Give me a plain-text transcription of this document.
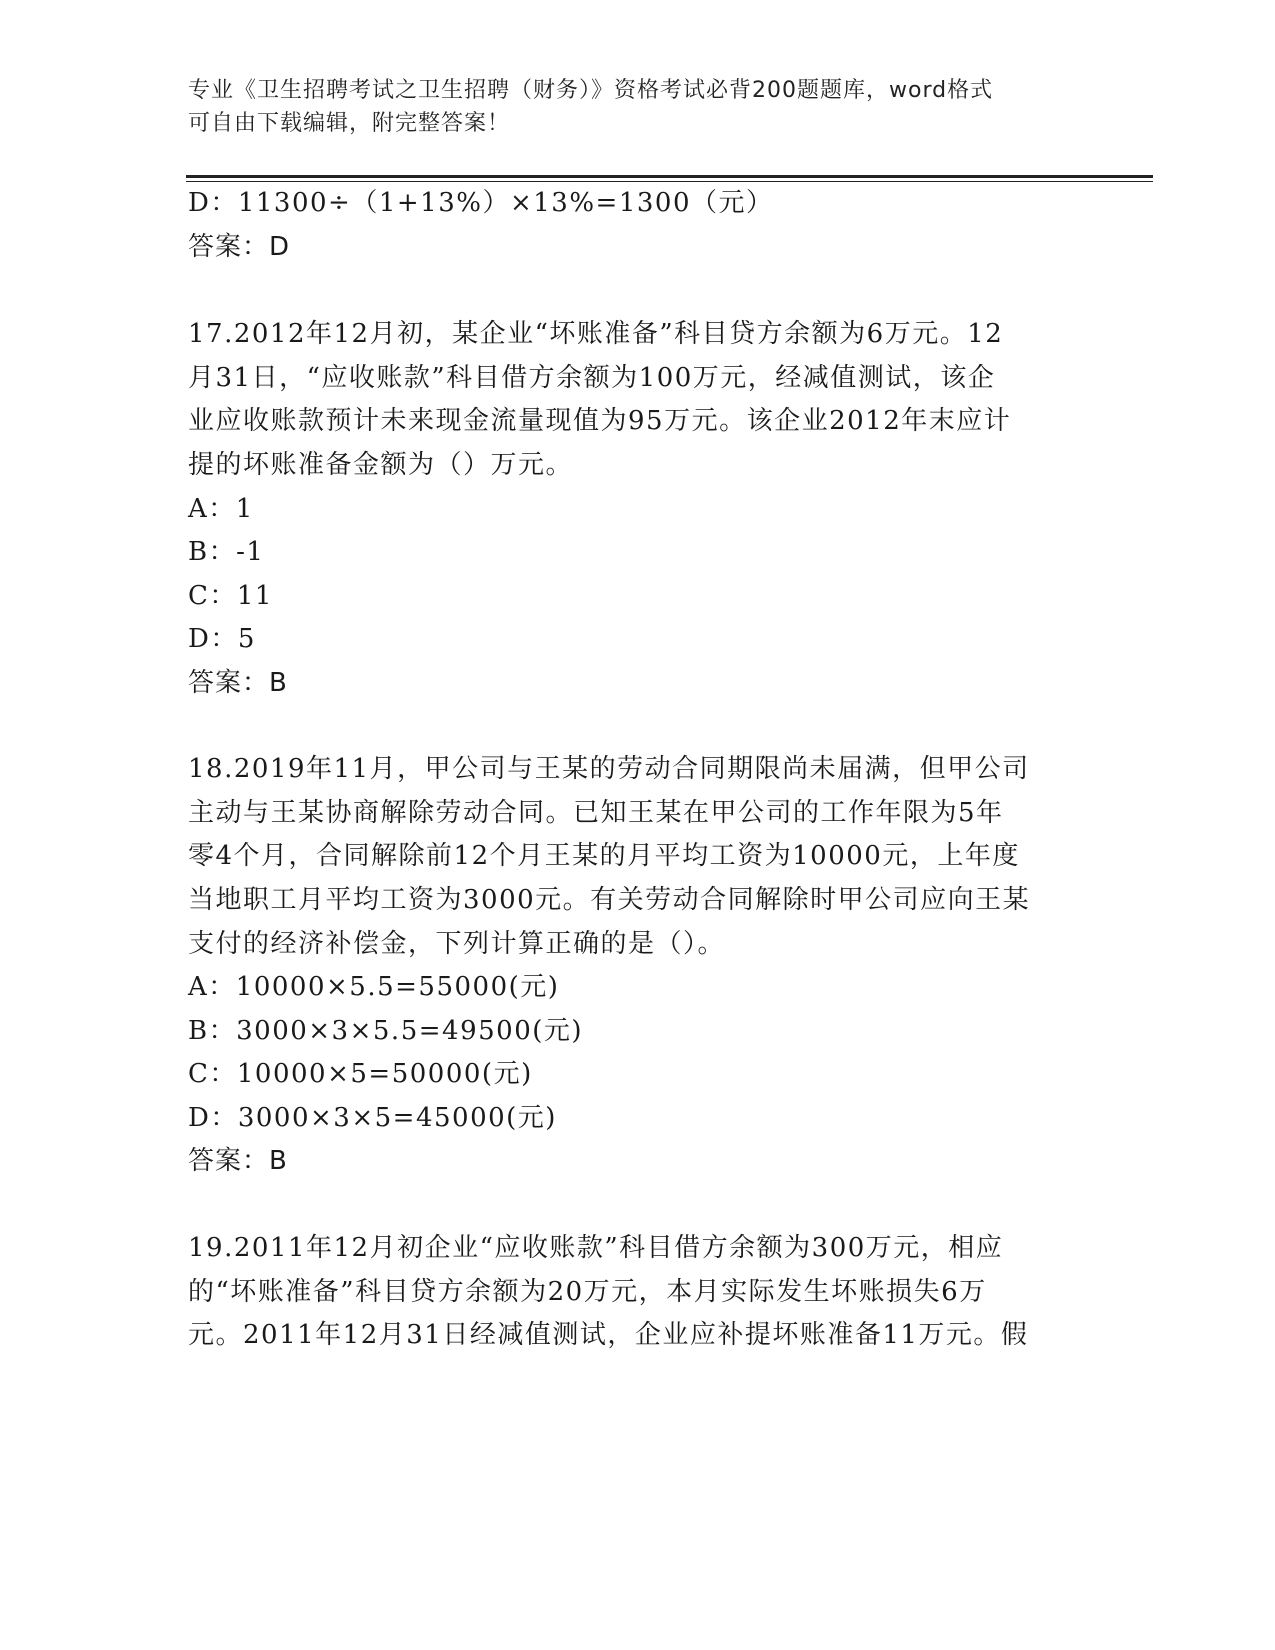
专业《卫生招聘考试之卫生招聘（财务）》资格考试必背200题题库，word格式
可自由下载编辑，附完整答案！
D：11300÷（1+13%）×13%=1300（元）
答案：D
17.2012年12月初，某企业“坏账准备”科目贷方余额为6万元。12
月31日，“应收账款”科目借方余额为100万元，经减值测试，该企
业应收账款预计未来现金流量现值为95万元。该企业2012年末应计
提的坏账准备金额为（）万元。
A：1
B：-1
C：11
D：5
答案：B
18.2019年11月，甲公司与王某的劳动合同期限尚未届满，但甲公司
主动与王某协商解除劳动合同。已知王某在甲公司的工作年限为5年
零4个月，合同解除前12个月王某的月平均工资为10000元，上年度
当地职工月平均工资为3000元。有关劳动合同解除时甲公司应向王某
支付的经济补偿金，下列计算正确的是（）。
A：10000×5.5=55000(元)
B：3000×3×5.5=49500(元)
C：10000×5=50000(元)
D：3000×3×5=45000(元)
答案：B
19.2011年12月初企业“应收账款”科目借方余额为300万元，相应
的“坏账准备”科目贷方余额为20万元，本月实际发生坏账损失6万
元。2011年12月31日经减值测试，企业应补提坏账准备11万元。假
